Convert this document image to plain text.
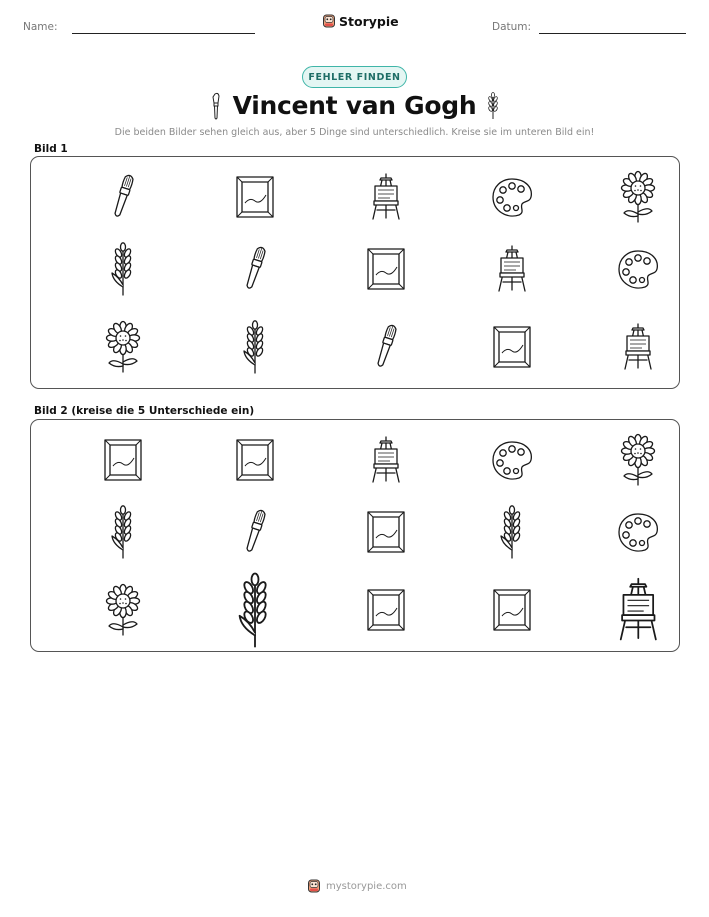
Name:	Storypie	Datum:
FEHLER FINDEN
Vincent van Gogh
Die beiden Bilder sehen gleich aus, aber 5 Dinge sind unterschiedlich. Kreise sie im unteren Bild ein!
Bild 1
Bild 2 (kreise die 5 Unterschiede ein)
mystorypie.com
